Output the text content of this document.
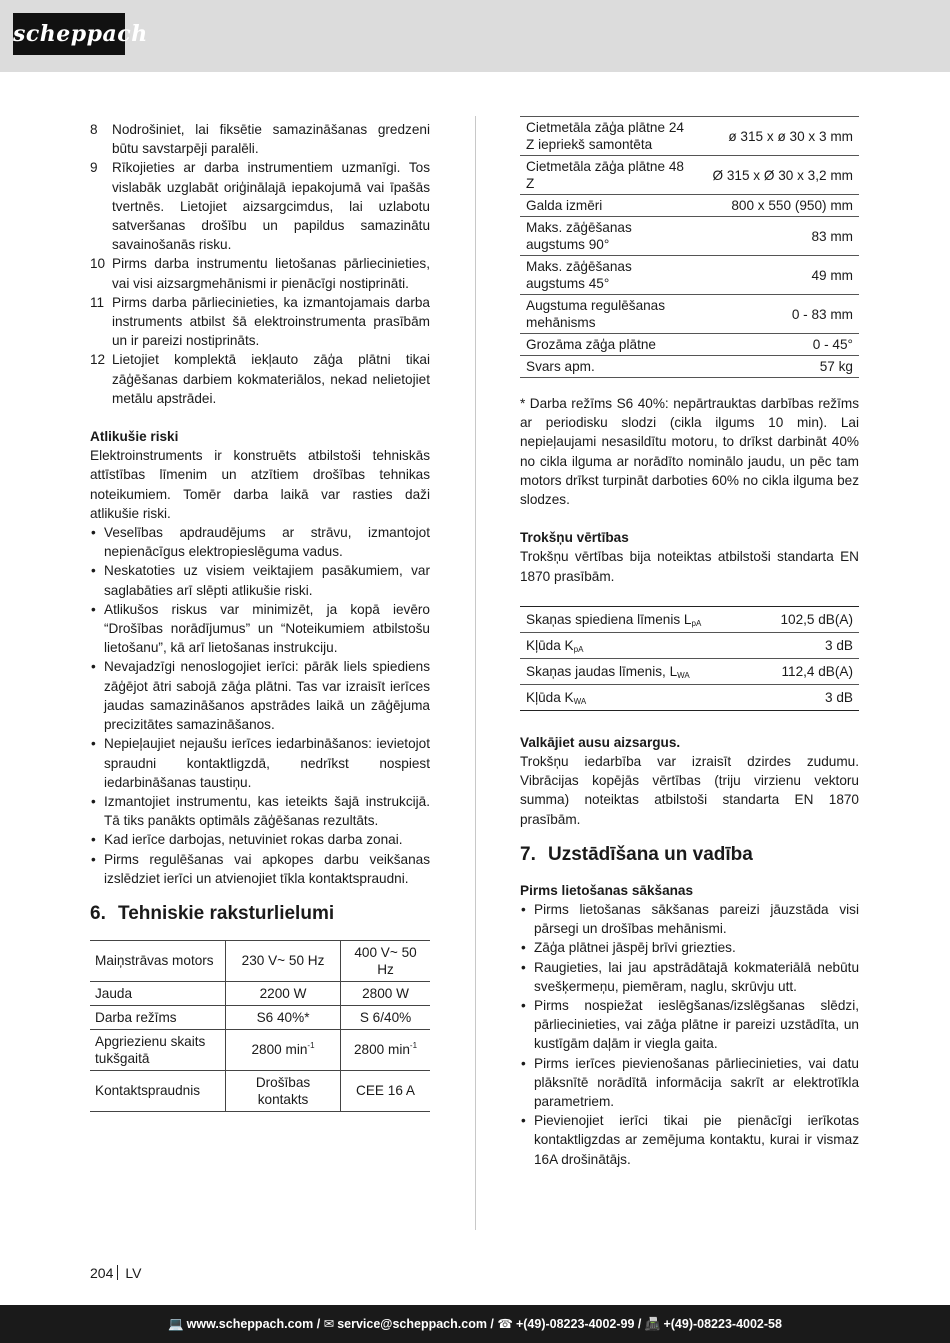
scheppach
8	Nodrošiniet, lai fiksētie samazināšanas gredzeni būtu savstarpēji paralēli.
9	Rīkojieties ar darba instrumentiem uzmanīgi. Tos vislabāk uzglabāt oriģinālajā iepakojumā vai īpašās tvertnēs. Lietojiet aizsargcimdus, lai uzlabotu satveršanas drošību un papildus samazinātu savainošanās risku.
10 Pirms darba instrumentu lietošanas pārliecinieties, vai visi aizsargmehānismi ir pienācīgi nostiprināti.
11 Pirms darba pārliecinieties, ka izmantojamais darba instruments atbilst šā elektroinstrumenta prasībām un ir pareizi nostiprināts.
12 Lietojiet komplektā iekļauto zāģa plātni tikai zāģēšanas darbiem kokmateriālos, nekad nelietojiet metālu apstrādei.

Atlikušie riski

Elektroinstruments ir konstruēts atbilstoši tehniskās attīstības līmenim un atzītiem drošības tehnikas noteikumiem. Tomēr darba laikā var rasties daži atlikušie riski.

• Veselības apdraudējums ar strāvu, izmantojot nepienācīgus elektropieslēguma vadus.
• Neskatoties uz visiem veiktajiem pasākumiem, var saglabāties arī slēpti atlikušie riski.
• Atlikušos riskus var minimizēt, ja kopā ievēro “Drošības norādījumus” un “Noteikumiem atbilstošu lietošanu”, kā arī lietošanas instrukciju.
• Nevajadzīgi nenoslogojiet ierīci: pārāk liels spiediens zāģējot ātri sabojā zāģa plātni. Tas var izraisīt ierīces jaudas samazināšanos apstrādes laikā un zāģējuma precizitātes samazināšanos.
• Nepieļaujiet nejaušu ierīces iedarbināšanos: ievietojot spraudni kontaktligzdā, nedrīkst nospiest iedarbināšanas taustiņu.
• Izmantojiet instrumentu, kas ieteikts šajā instrukcijā. Tā tiks panākts optimāls zāģēšanas rezultāts.
• Kad ierīce darbojas, netuviniet rokas darba zonai.
• Pirms regulēšanas vai apkopes darbu veikšanas izslēdziet ierīci un atvienojiet tīkla kontaktspraudni.
6. Tehniskie raksturlielumi
Maiņstrāvas motors	230 V~ 50 Hz	400 V~ 50 Hz
Jauda	2200 W	2800 W
Darba režīms	S6 40%*	S 6/40%
Apgriezienu skaits tukšgaitā	2800 $\min^{-1}$	2800 $\min^{-1}$
Kontaktspraudnis	Drošības kontakts	CEE 16 A
Cietmetāla zāģa plātne 24 Z iepriekš samontēta	ø 315 x ø 30 x 3 mm
Cietmetāla zāģa plātne 48 Z	Ø 315 x Ø 30 x 3,2 mm
Galda izmēri	800 x 550 (950) mm
Maks. zāģēšanas augstums 90°	83 mm
Maks. zāģēšanas augstums 45°	49 mm
Augstuma regulēšanas mehānisms	0 - 83 mm
Grozāma zāģa plātne	0 - 45°
Svars apm.	57 kg

* Darba režīms S6 40%: nepārtrauktas darbības režīms ar periodisku slodzi (cikla ilgums 10 min). Lai nepieļaujami nesasildītu motoru, to drīkst darbināt 40% no cikla ilguma ar norādīto nominālo jaudu, un pēc tam motors drīkst turpināt darboties 60% no cikla ilguma bez slodzes.

Trokšņu vērtības

Trokšņu vērtības bija noteiktas atbilstoši standarta EN 1870 prasībām.

Skaņas spiediena līmenis $L_{pA}$	102,5 dB(A)
Kļūda $K_{pA}$	3 dB
Skaņas jaudas līmenis, $L_{WA}$	112,4 dB(A)
Kļūda $K_{WA}$	3 dB

Valkājiet ausu aizsargus.

Trokšņu iedarbība var izraisīt dzirdes zudumu. Vibrācijas kopējās vērtības (triju virzienu vektoru summa) noteiktas atbilstoši standarta EN 1870 prasībām.

7. Uzstādīšana un vadība

Pirms lietošanas sākšanas

• Pirms lietošanas sākšanas pareizi jāuzstāda visi pārsegi un drošības mehānismi.
• Zāģa plātnei jāspēj brīvi griezties.
• Raugieties, lai jau apstrādātajā kokmateriālā nebūtu svešķermeņu, piemēram, naglu, skrūvju utt.
• Pirms nospiežat ieslēgšanas/izslēgšanas slēdzi, pārliecinieties, vai zāģa plātne ir pareizi uzstādīta, un kustīgām daļām ir viegla gaita.
• Pirms ierīces pievienošanas pārliecinieties, vai datu plāksnītē norādītā informācija sakrīt ar elektrotīkla parametriem.
• Pievienojiet ierīci tikai pie pienācīgi ierīkotas kontaktligzdas ar zemējuma kontaktu, kurai ir vismaz 16A drošinātājs.
204 LV
💻 www.scheppach.com / ✉ service@scheppach.com / ☎ +(49)-08223-4002-99 / 📠 +(49)-08223-4002-58
